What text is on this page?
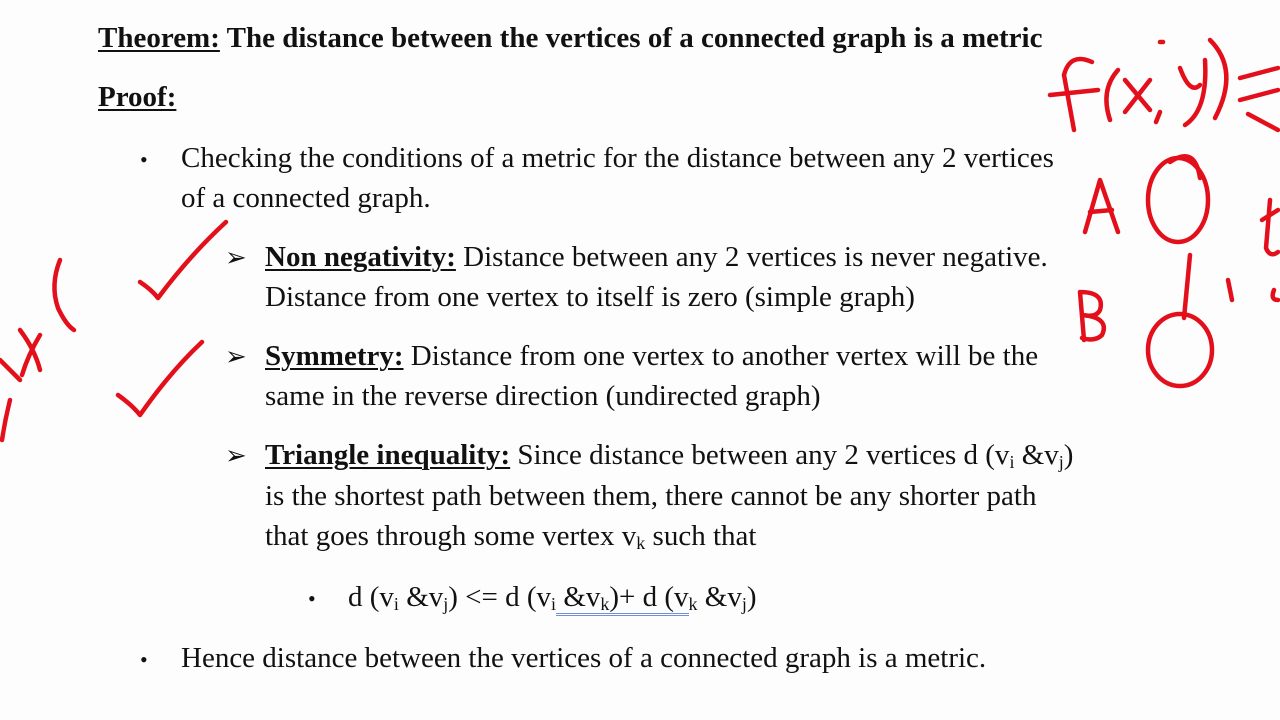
Theorem: The distance between the vertices of a connected graph is a metric
Proof:
• Checking the conditions of a metric for the distance between any 2 vertices
of a connected graph.
➢ Non negativity: Distance between any 2 vertices is never negative.
Distance from one vertex to itself is zero (simple graph)
➢ Symmetry: Distance from one vertex to another vertex will be the
same in the reverse direction (undirected graph)
➢ Triangle inequality: Since distance between any 2 vertices d ($v_i$ $\&v_j$)
is the shortest path between them, there cannot be any shorter path
that goes through some vertex $v_k$ such that
• d ($v_i$ $\&v_j) <= d$ ($v_i$ $\&v_k)+ d$ ($v_k$ $\&v_j$)
• Hence distance between the vertices of a connected graph is a metric.
